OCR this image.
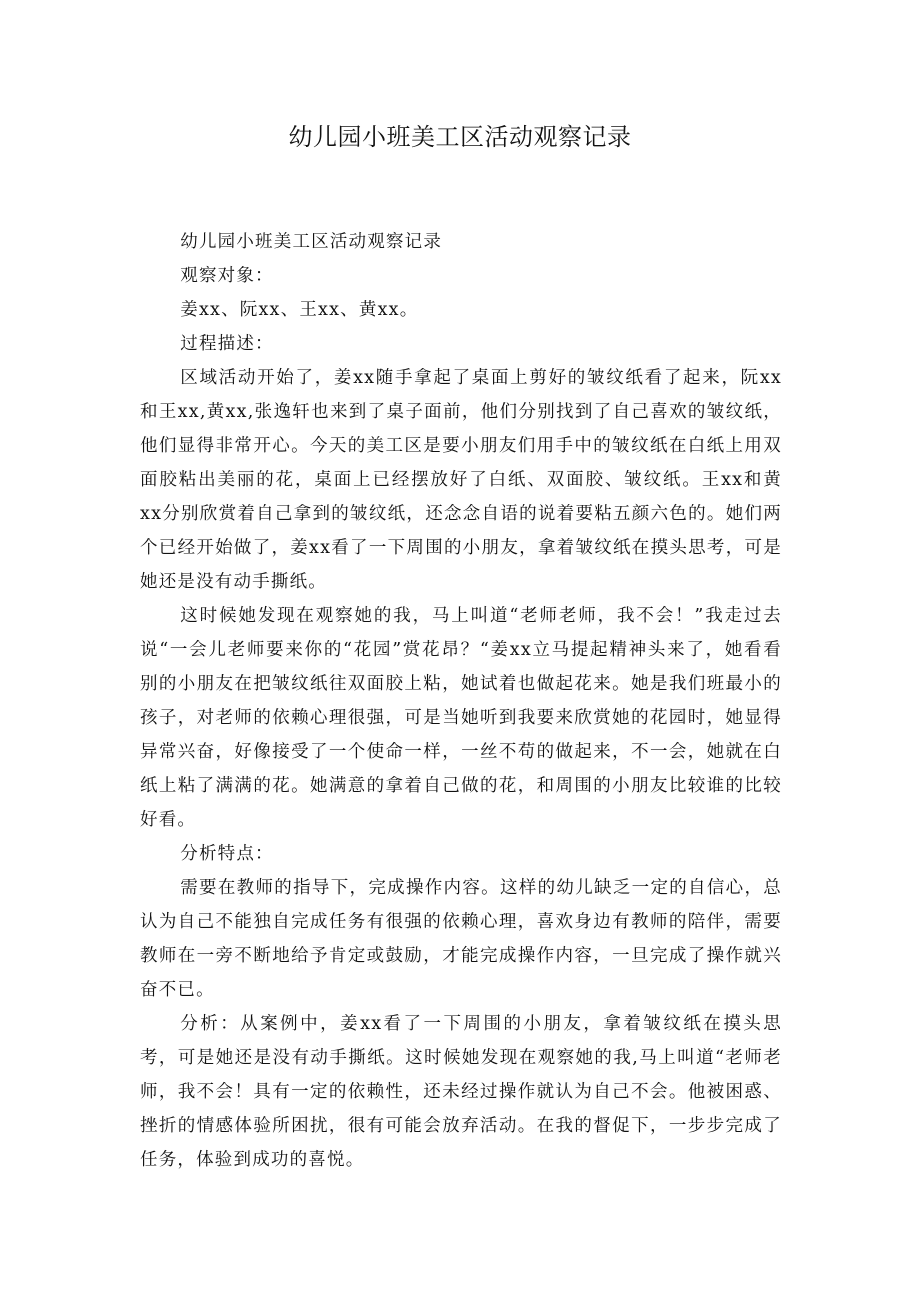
幼儿园小班美工区活动观察记录

幼儿园小班美工区活动观察记录

观察对象：

姜xx、阮xx、王xx、黄xx。

过程描述：

区域活动开始了，姜xx随手拿起了桌面上剪好的皱纹纸看了起来，阮xx和王xx,黄xx,张逸轩也来到了桌子面前，他们分别找到了自己喜欢的皱纹纸，他们显得非常开心。今天的美工区是要小朋友们用手中的皱纹纸在白纸上用双面胶粘出美丽的花，桌面上已经摆放好了白纸、双面胶、皱纹纸。王xx和黄xx分别欣赏着自己拿到的皱纹纸，还念念自语的说着要粘五颜六色的。她们两个已经开始做了，姜xx看了一下周围的小朋友，拿着皱纹纸在摸头思考，可是她还是没有动手撕纸。

这时候她发现在观察她的我，马上叫道“老师老师，我不会！”我走过去说“一会儿老师要来你的“花园”赏花昂？“姜xx立马提起精神头来了，她看看别的小朋友在把皱纹纸往双面胶上粘，她试着也做起花来。她是我们班最小的孩子，对老师的依赖心理很强，可是当她听到我要来欣赏她的花园时，她显得异常兴奋，好像接受了一个使命一样，一丝不苟的做起来，不一会，她就在白纸上粘了满满的花。她满意的拿着自己做的花，和周围的小朋友比较谁的比较好看。

分析特点：

需要在教师的指导下，完成操作内容。这样的幼儿缺乏一定的自信心，总认为自己不能独自完成任务有很强的依赖心理，喜欢身边有教师的陪伴，需要教师在一旁不断地给予肯定或鼓励，才能完成操作内容，一旦完成了操作就兴奋不已。

分析：从案例中，姜xx看了一下周围的小朋友，拿着皱纹纸在摸头思考，可是她还是没有动手撕纸。这时候她发现在观察她的我,马上叫道“老师老师，我不会！具有一定的依赖性，还未经过操作就认为自己不会。他被困惑、挫折的情感体验所困扰，很有可能会放弃活动。在我的督促下，一步步完成了任务，体验到成功的喜悦。
